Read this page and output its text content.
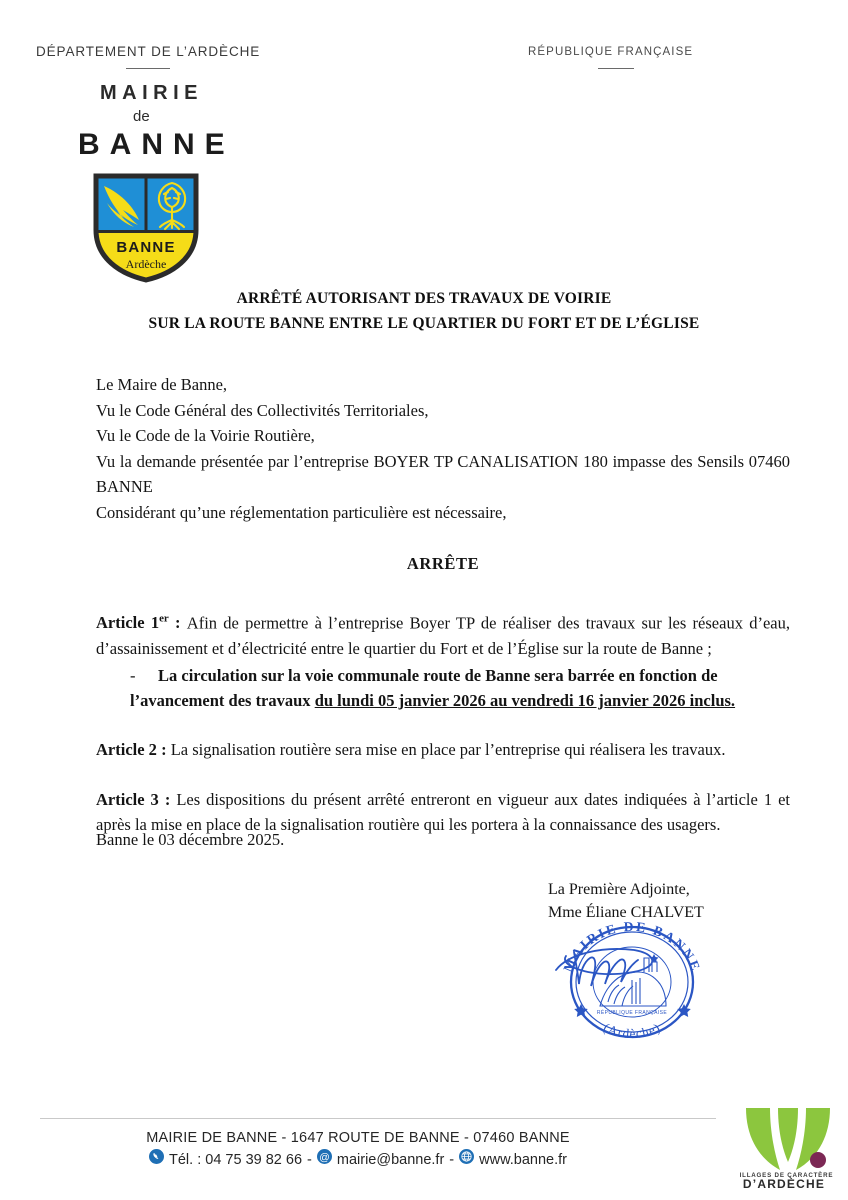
DÉPARTEMENT DE L’ARDÈCHE	RÉPUBLIQUE FRANÇAISE
MAIRIE
de
BANNE
BANNE
Ardèche
ARRÊTÉ AUTORISANT DES TRAVAUX DE VOIRIE
SUR LA ROUTE BANNE ENTRE LE QUARTIER DU FORT ET DE L’ÉGLISE
Le Maire de Banne,
Vu le Code Général des Collectivités Territoriales,
Vu le Code de la Voirie Routière,
Vu la demande présentée par l’entreprise BOYER TP CANALISATION 180 impasse des Sensils 07460 BANNE
Considérant qu’une réglementation particulière est nécessaire,
ARRÊTE
Article 1er : Afin de permettre à l’entreprise Boyer TP de réaliser des travaux sur les réseaux d’eau, d’assainissement et d’électricité entre le quartier du Fort et de l’Église sur la route de Banne ;
- La circulation sur la voie communale route de Banne sera barrée en fonction de
l’avancement des travaux du lundi 05 janvier 2026 au vendredi 16 janvier 2026 inclus.
Article 2 : La signalisation routière sera mise en place par l’entreprise qui réalisera les travaux.
Article 3 : Les dispositions du présent arrêté entreront en vigueur aux dates indiquées à l’article 1 et après la mise en place de la signalisation routière qui les portera à la connaissance des usagers.
Banne le 03 décembre 2025.
La Première Adjointe,
Mme Éliane CHALVET
MAIRIE DE BANNE
(Ardèche)
RÉPUBLIQUE FRANÇAISE
MAIRIE DE BANNE - 1647 ROUTE DE BANNE - 07460 BANNE
Tél. : 04 75 39 82 66 - @ mairie@banne.fr - www.banne.fr
VILLAGES DE CARACTÈRE
D’ARDÈCHE
